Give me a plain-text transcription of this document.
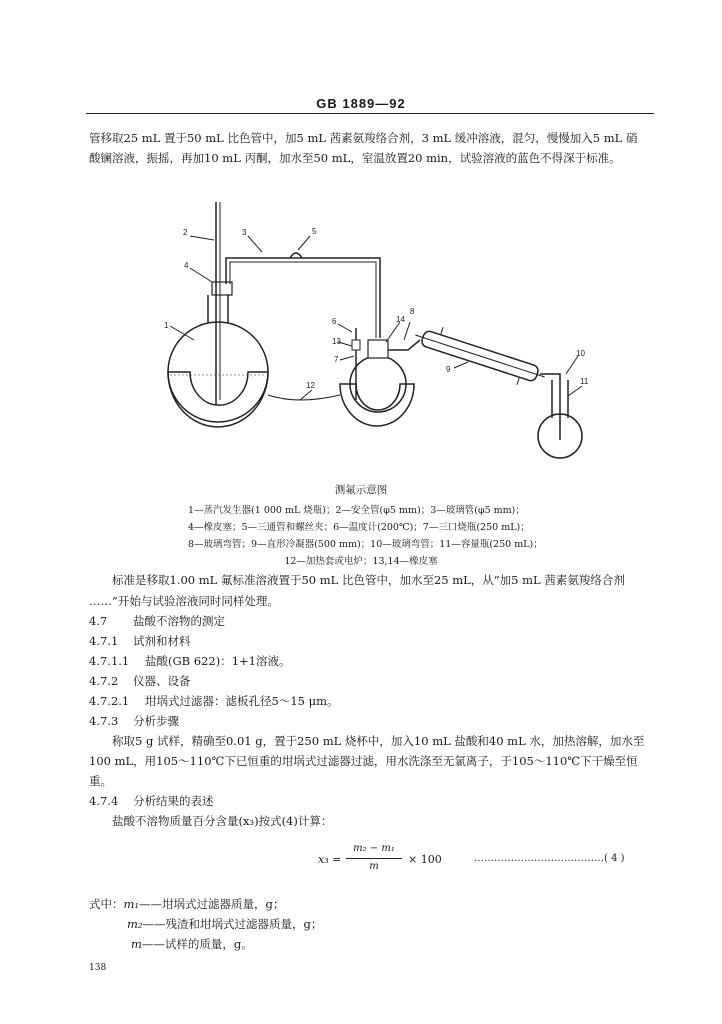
GB 1889—92
管移取25 mL 置于50 mL 比色管中，加5 mL 茜素氨羧络合剂，3 mL 缓冲溶液，混匀，慢慢加入5 mL 硝
酸镧溶液，振摇，再加10 mL 丙酮，加水至50 mL，室温放置20 min，试验溶液的蓝色不得深于标准。
2	3	5
4
1	6
13
7
8
14
9
10
11
12
测氟示意图
1—蒸汽发生器(1 000 mL 烧瓶)；2—安全管(φ5 mm)；3—玻璃管(φ5 mm)；
4—橡皮塞；5—三通管和螺丝夹；6—温度计(200℃)；7—三口烧瓶(250 mL)；
8—玻璃弯管；9—直形冷凝器(500 mm)；10—玻璃弯管；11—容量瓶(250 mL)；
12—加热套或电炉；13,14—橡皮塞
标准是移取1.00 mL 氟标准溶液置于50 mL 比色管中，加水至25 mL，从“加5 mL 茜素氨羧络合剂
……”开始与试验溶液同时同样处理。
4.7 盐酸不溶物的测定
4.7.1 试剂和材料
4.7.1.1 盐酸(GB 622)：1+1溶液。
4.7.2 仪器、设备
4.7.2.1 坩埚式过滤器：滤板孔径5～15 μm。
4.7.3 分析步骤
称取5 g 试样，精确至0.01 g，置于250 mL 烧杯中，加入10 mL 盐酸和40 mL 水，加热溶解，加水至
100 mL，用105～110℃下已恒重的坩埚式过滤器过滤，用水洗涤至无氯离子，于105～110℃下干燥至恒
重。
4.7.4 分析结果的表述
盐酸不溶物质量百分含量(x₃)按式(4)计算：
x₃ =
m₂ − m₁
m
× 100	…………………………………( 4 )
式中：m₁——坩埚式过滤器质量，g；
m₂——残渣和坩埚式过滤器质量，g；
m——试样的质量，g。
138
